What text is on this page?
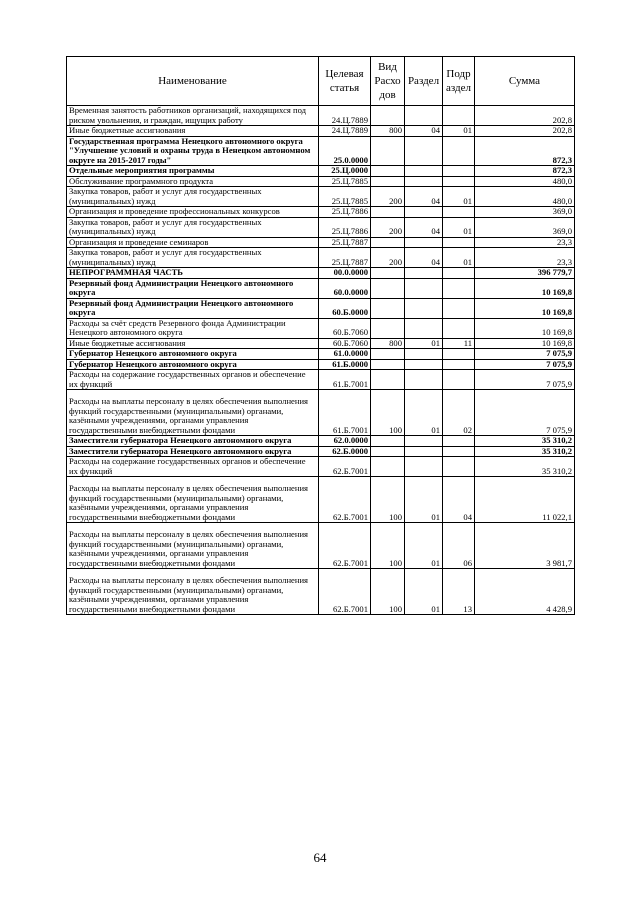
Наименование	Целевая статья	Вид Расхо дов	Раздел	Подр аздел	Сумма
Временная занятость работников организаций, находящихся под риском увольнения, и граждан, ищущих работу	24.Ц.7889				202,8
Иные бюджетные ассигнования	24.Ц.7889	800	04	01	202,8
Государственная программа Ненецкого автономного округа "Улучшение условий и охраны труда в Ненецком автономном округе на 2015-2017 годы"	25.0.0000				872,3
Отдельные мероприятия программы	25.Ц.0000				872,3
Обслуживание программного продукта	25.Ц.7885				480,0
Закупка товаров, работ и услуг для государственных (муниципальных) нужд	25.Ц.7885	200	04	01	480,0
Организация и проведение профессиональных конкурсов	25.Ц.7886				369,0
Закупка товаров, работ и услуг для государственных (муниципальных) нужд	25.Ц.7886	200	04	01	369,0
Организация и проведение семинаров	25.Ц.7887				23,3
Закупка товаров, работ и услуг для государственных (муниципальных) нужд	25.Ц.7887	200	04	01	23,3
НЕПРОГРАММНАЯ ЧАСТЬ	00.0.0000				396 779,7
Резервный фонд Администрации Ненецкого автономного округа	60.0.0000				10 169,8
Резервный фонд Администрации Ненецкого автономного округа	60.Б.0000				10 169,8
Расходы за счёт средств Резервного фонда Администрации Ненецкого автономного округа	60.Б.7060				10 169,8
Иные бюджетные ассигнования	60.Б.7060	800	01	11	10 169,8
Губернатор Ненецкого автономного округа	61.0.0000				7 075,9
Губернатор Ненецкого автономного округа	61.Б.0000				7 075,9
Расходы на содержание государственных органов и обеспечение их функций	61.Б.7001				7 075,9
Расходы на выплаты персоналу в целях обеспечения выполнения функций государственными (муниципальными) органами, казёнными учреждениями, органами управления государственными внебюджетными фондами	61.Б.7001	100	01	02	7 075,9
Заместители губернатора Ненецкого автономного округа	62.0.0000				35 310,2
Заместители губернатора Ненецкого автономного округа	62.Б.0000				35 310,2
Расходы на содержание государственных органов и обеспечение их функций	62.Б.7001				35 310,2
Расходы на выплаты персоналу в целях обеспечения выполнения функций государственными (муниципальными) органами, казёнными учреждениями, органами управления государственными внебюджетными фондами	62.Б.7001	100	01	04	11 022,1
Расходы на выплаты персоналу в целях обеспечения выполнения функций государственными (муниципальными) органами, казёнными учреждениями, органами управления государственными внебюджетными фондами	62.Б.7001	100	01	06	3 981,7
Расходы на выплаты персоналу в целях обеспечения выполнения функций государственными (муниципальными) органами, казёнными учреждениями, органами управления государственными внебюджетными фондами	62.Б.7001	100	01	13	4 428,9
64
